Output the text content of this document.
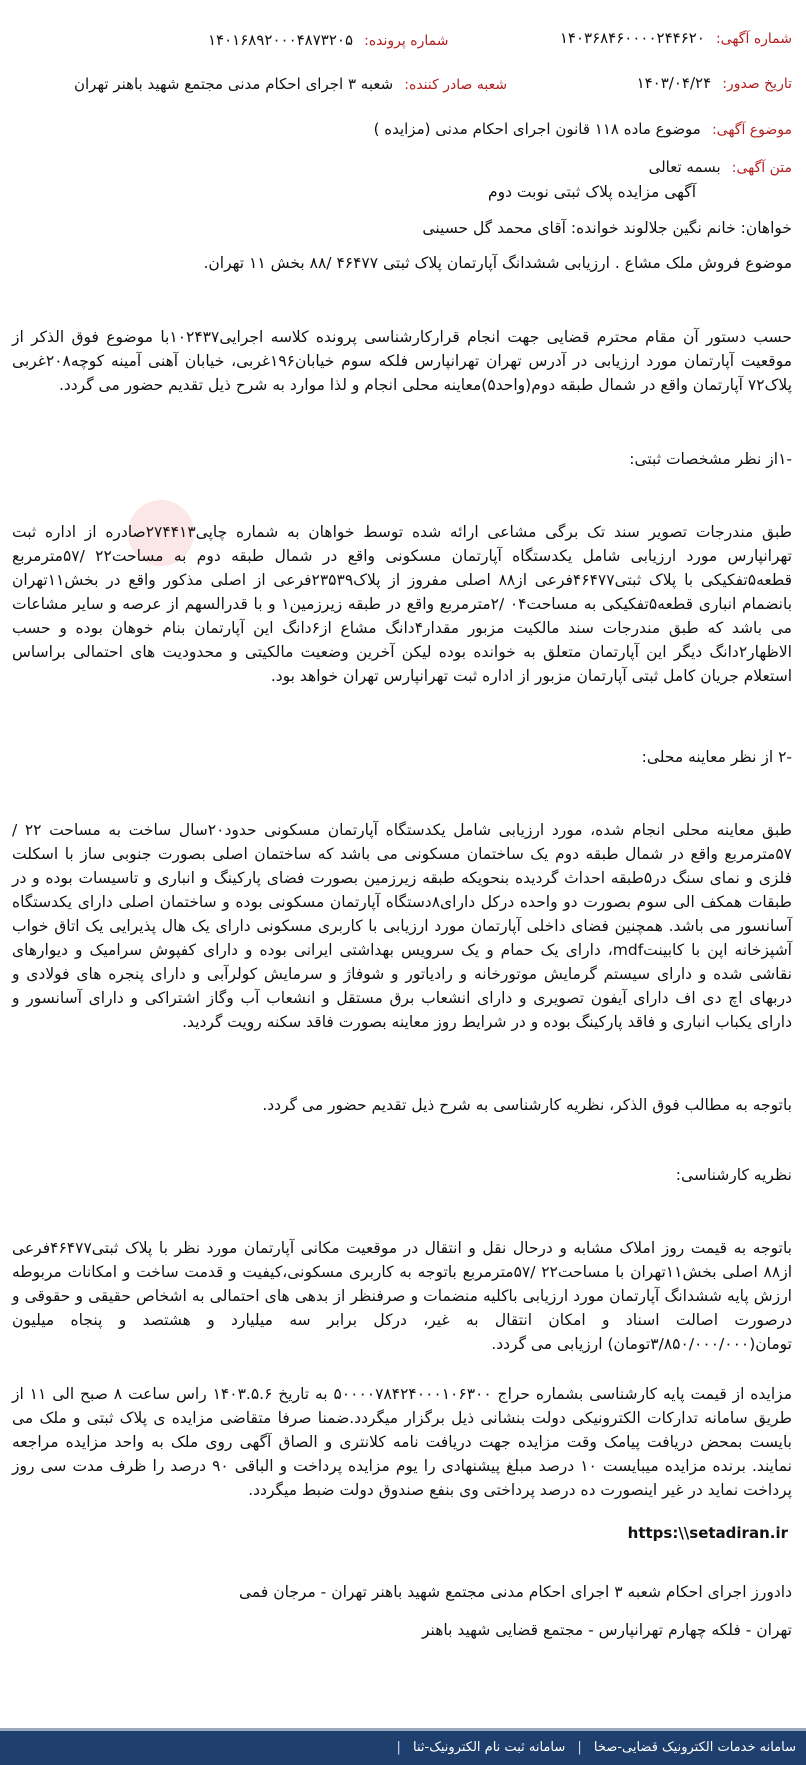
شماره آگهی: ۱۴۰۳۶۸۴۶۰۰۰۰۲۴۴۶۲۰
شماره پرونده: ۱۴۰۱۶۸۹۲۰۰۰۴۸۷۳۲۰۵
تاریخ صدور: ۱۴۰۳/۰۴/۲۴
شعبه صادر کننده: شعبه ۳ اجرای احکام مدنی مجتمع شهید باهنر تهران
موضوع آگهی: موضوع ماده ۱۱۸ قانون اجرای احکام مدنی (مزایده )
متن آگهی: بسمه تعالی
آگهی مزایده پلاک ثبتی نوبت دوم
خواهان: خانم نگین جلالوند خوانده: آقای محمد گل حسینی
موضوع فروش ملک مشاع . ارزیابی ششدانگ آپارتمان پلاک ثبتی ۴۶۴۷۷ /۸۸ بخش ۱۱ تهران.
حسب دستور آن مقام محترم قضایی جهت انجام قرارکارشناسی پرونده کلاسه اجرایی۱۰۲۴۳۷با موضوع فوق الذکر از موقعیت آپارتمان مورد ارزیابی در آدرس تهران تهرانپارس فلکه سوم خیابان۱۹۶غربی، خیابان آهنی آمینه کوچه۲۰۸غربی پلاک۷۲ آپارتمان واقع در شمال طبقه دوم(واحد۵)معاینه محلی انجام و لذا موارد به شرح ذیل تقدیم حضور می گردد.
-۱از نظر مشخصات ثبتی:
طبق مندرجات تصویر سند تک برگی مشاعی ارائه شده توسط خواهان به شماره چاپی۲۷۴۴۱۳صادره از اداره ثبت تهرانپارس مورد ارزیابی شامل یکدستگاه آپارتمان مسکونی واقع در شمال طبقه دوم به مساحت۲۲ /۵۷مترمربع قطعه۵تفکیکی با پلاک ثبتی۴۶۴۷۷فرعی از۸۸ اصلی مفروز از پلاک۲۳۵۳۹فرعی از اصلی مذکور واقع در بخش۱۱تهران بانضمام انباری قطعه۵تفکیکی به مساحت۰۴ /۲مترمربع واقع در طبقه زیرزمین۱ و با قدرالسهم از عرصه و سایر مشاعات می باشد که طبق مندرجات سند مالکیت مزبور مقدار۴دانگ مشاع از۶دانگ این آپارتمان بنام خوهان بوده و حسب الاظهار۲دانگ دیگر این آپارتمان متعلق به خوانده بوده لیکن آخرین وضعیت مالکیتی و محدودیت های احتمالی براساس استعلام جریان کامل ثبتی آپارتمان مزبور از اداره ثبت تهرانپارس تهران خواهد بود.
-۲ از نظر معاینه محلی:
طبق معاینه محلی انجام شده، مورد ارزیابی شامل یکدستگاه آپارتمان مسکونی حدود۲۰سال ساخت به مساحت ۲۲ /۵۷مترمربع واقع در شمال طبقه دوم یک ساختمان مسکونی می باشد که ساختمان اصلی بصورت جنوبی ساز با اسکلت فلزی و نمای سنگ در۵طبقه احداث گردیده بنحویکه طبقه زیرزمین بصورت فضای پارکینگ و انباری و تاسیسات بوده و در طبقات همکف الی سوم بصورت دو واحده درکل دارای۸دستگاه آپارتمان مسکونی بوده و ساختمان اصلی دارای یکدستگاه آسانسور می باشد. همچنین فضای داخلی آپارتمان مورد ارزیابی با کاربری مسکونی دارای یک هال پذیرایی یک اتاق خواب آشپزخانه اپن با کابینتmdf، دارای یک حمام و یک سرویس بهداشتی ایرانی بوده و دارای کفپوش سرامیک و دیوارهای نقاشی شده و دارای سیستم گرمایش موتورخانه و رادیاتور و شوفاژ و سرمایش کولرآبی و دارای پنجره های فولادی و دربهای اچ دی اف دارای آیفون تصویری و دارای انشعاب برق مستقل و انشعاب آب وگاز اشتراکی و دارای آسانسور و دارای یکباب انباری و فاقد پارکینگ بوده و در شرایط روز معاینه بصورت فاقد سکنه رویت گردید.
باتوجه به مطالب فوق الذکر، نظریه کارشناسی به شرح ذیل تقدیم حضور می گردد.
نظریه کارشناسی:
باتوجه به قیمت روز املاک مشابه و درحال نقل و انتقال در موقعیت مکانی آپارتمان مورد نظر با پلاک ثبتی۴۶۴۷۷فرعی از۸۸ اصلی بخش۱۱تهران با مساحت۲۲ /۵۷مترمربع باتوجه به کاربری مسکونی،کیفیت و قدمت ساخت و امکانات مربوطه ارزش پایه ششدانگ آپارتمان مورد ارزیابی باکلیه منضمات و صرفنظر از بدهی های احتمالی به اشخاص حقیقی و حقوقی و درصورت اصالت اسناد و امکان انتقال به غیر، درکل برابر سه میلیارد و هشتصد و پنجاه میلیون تومان(۳/۸۵۰/۰۰۰/۰۰۰تومان) ارزیابی می گردد.
مزایده از قیمت پایه کارشناسی بشماره حراج ۵۰۰۰۰۷۸۴۲۴۰۰۰۱۰۶۳۰۰ به تاریخ ۱۴۰۳.۵.۶ راس ساعت ۸ صبح الی ۱۱ از طریق سامانه تدارکات الکترونیکی دولت بنشانی ذیل برگزار میگردد.ضمنا صرفا متقاضی مزایده ی پلاک ثبتی و ملک می بایست بمحض دریافت پیامک وقت مزایده جهت دریافت نامه کلانتری و الصاق آگهی روی ملک به واحد مزایده مراجعه نمایند. برنده مزایده میبایست ۱۰ درصد مبلغ پیشنهادی را یوم مزایده پرداخت و الباقی ۹۰ درصد را ظرف مدت سی روز پرداخت نماید در غیر اینصورت ده درصد پرداختی وی بنفع صندوق دولت ضبط میگردد.
https:\\setadiran.ir
دادورز اجرای احکام شعبه ۳ اجرای احکام مدنی مجتمع شهید باهنر تهران - مرجان فمی
تهران - فلکه چهارم تهرانپارس - مجتمع قضایی شهید باهنر
سامانه خدمات الکترونیک قضایی-صخا | سامانه ثبت نام الکترونیک-ثنا |
